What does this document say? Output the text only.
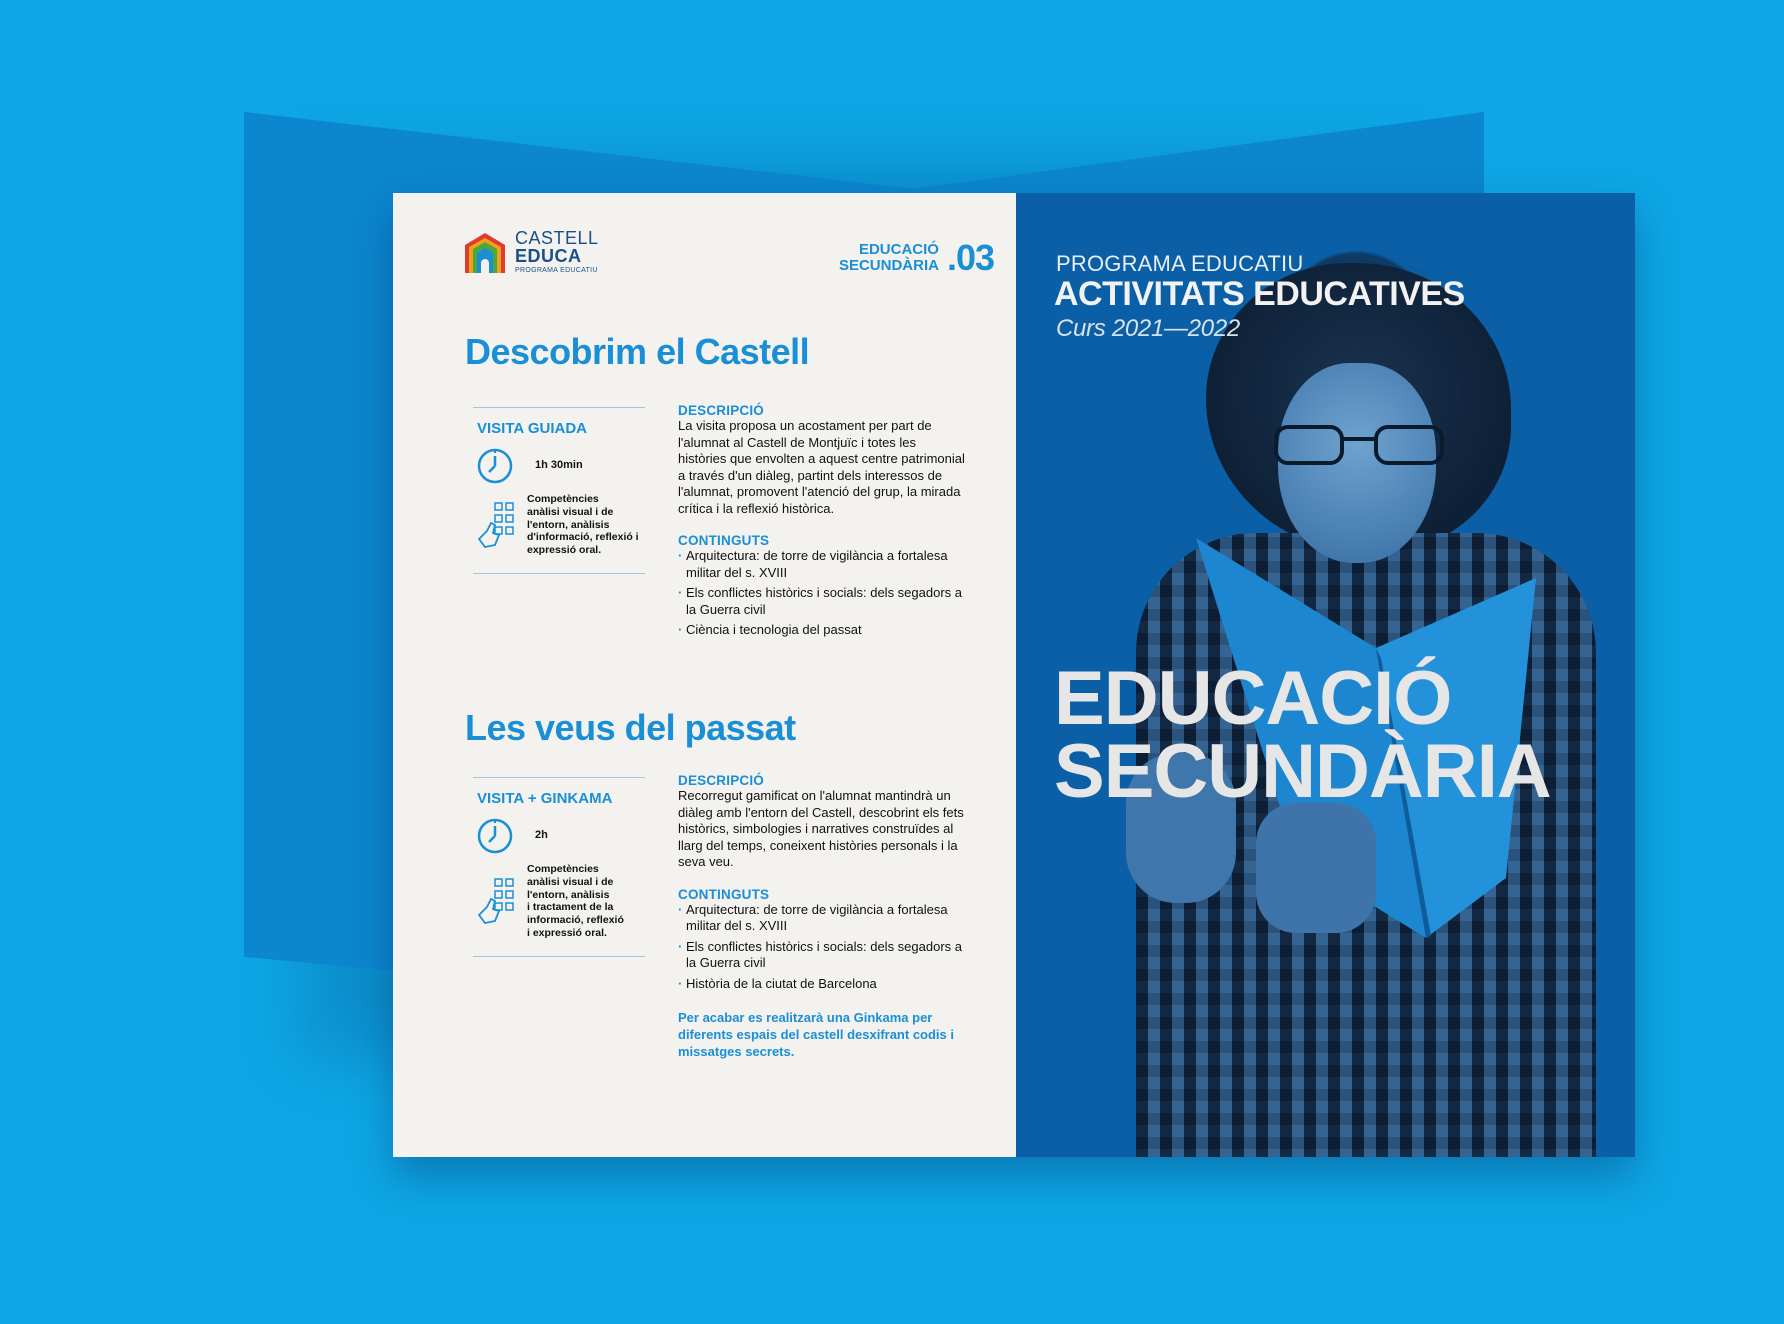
CASTELL
EDUCA
PROGRAMA EDUCATIU
EDUCACIÓ
SECUNDÀRIA .03
Descobrim el Castell
VISITA GUIADA
1h 30min
Competències
anàlisi visual i de
l'entorn, anàlisis
d'informació, reflexió i
expressió oral.
DESCRIPCIÓ

La visita proposa un acostament per part de l'alumnat al Castell de Montjuïc i totes les històries que envolten a aquest centre patrimonial a través d'un diàleg, partint dels interessos de l'alumnat, promovent l'atenció del grup, la mirada crítica i la reflexió històrica.

CONTINGUTS
· Arquitectura: de torre de vigilància a fortalesa militar del s. XVIII
· Els conflictes històrics i socials: dels segadors a la Guerra civil
· Ciència i tecnologia del passat
Les veus del passat
VISITA + GINKAMA
2h
Competències
anàlisi visual i de
l'entorn, anàlisis
i tractament de la
informació, reflexió
i expressió oral.
DESCRIPCIÓ

Recorregut gamificat on l'alumnat mantindrà un diàleg amb l'entorn del Castell, descobrint els fets històrics, simbologies i narratives construïdes al llarg del temps, coneixent històries personals i la seva veu.

CONTINGUTS
· Arquitectura: de torre de vigilància a fortalesa militar del s. XVIII
· Els conflictes històrics i socials: dels segadors a la Guerra civil
· Història de la ciutat de Barcelona

Per acabar es realitzarà una Ginkama per diferents espais del castell desxifrant codis i missatges secrets.

PROGRAMA EDUCATIU
ACTIVITATS EDUCATIVES
Curs 2021—2022
EDUCACIÓ
SECUNDÀRIA
